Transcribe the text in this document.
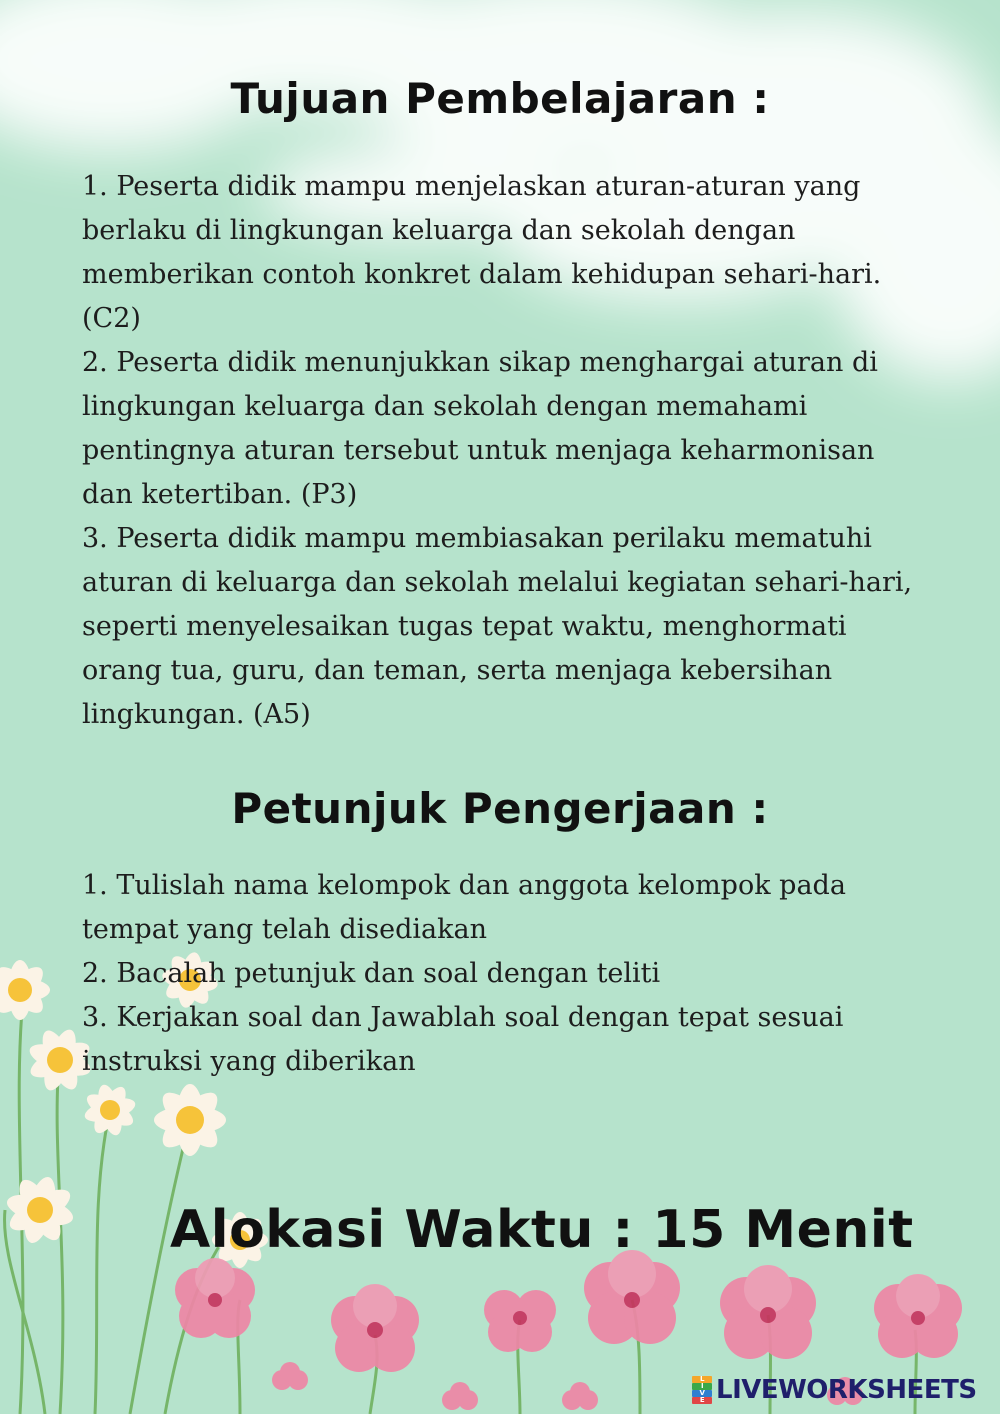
Tujuan Pembelajaran :

1. Peserta didik mampu menjelaskan aturan-aturan yang berlaku di lingkungan keluarga dan sekolah dengan memberikan contoh konkret dalam kehidupan sehari-hari. (C2)

2. Peserta didik menunjukkan sikap menghargai aturan di lingkungan keluarga dan sekolah dengan memahami pentingnya aturan tersebut untuk menjaga keharmonisan dan ketertiban. (P3)

3. Peserta didik mampu membiasakan perilaku mematuhi aturan di keluarga dan sekolah melalui kegiatan sehari-hari, seperti menyelesaikan tugas tepat waktu, menghormati orang tua, guru, dan teman, serta menjaga kebersihan lingkungan. (A5)

Petunjuk Pengerjaan :

1. Tulislah nama kelompok dan anggota kelompok pada tempat yang telah disediakan

2. Bacalah petunjuk dan soal dengan teliti

3. Kerjakan soal dan Jawablah soal dengan tepat sesuai instruksi yang diberikan

Alokasi Waktu : 15 Menit
L
I
V
E LIVEWORKSHEETS
